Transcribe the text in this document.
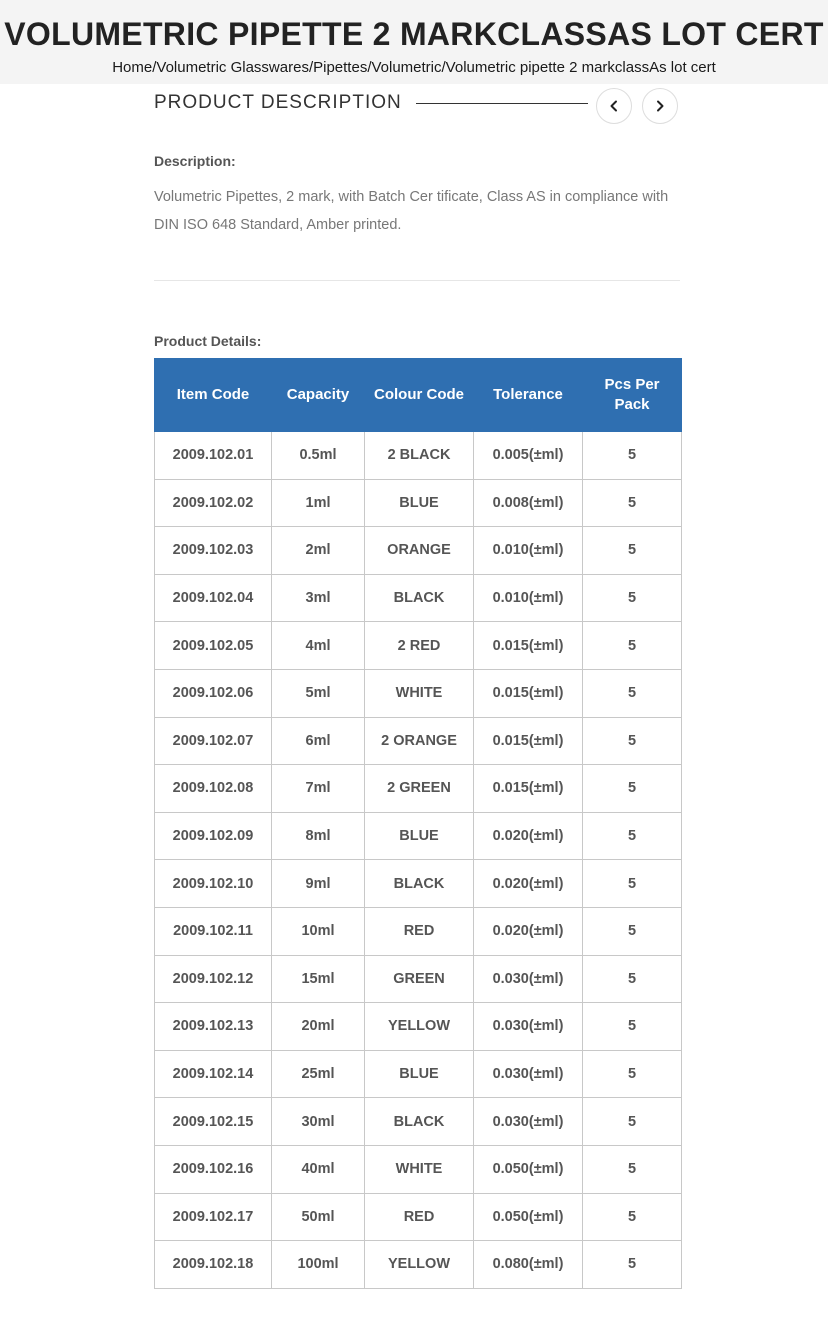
VOLUMETRIC PIPETTE 2 MARKCLASSAS LOT CERT
Home/Volumetric Glasswares/Pipettes/Volumetric/Volumetric pipette 2 markclassAs lot cert
PRODUCT DESCRIPTION
Description:

Volumetric Pipettes, 2 mark, with Batch Cer tificate, Class AS in compliance with DIN ISO 648 Standard, Amber printed.

Product Details:
Item Code	Capacity	Colour Code	Tolerance	Pcs Per Pack
2009.102.01	0.5ml	2 BLACK	0.005(±ml)	5
2009.102.02	1ml	BLUE	0.008(±ml)	5
2009.102.03	2ml	ORANGE	0.010(±ml)	5
2009.102.04	3ml	BLACK	0.010(±ml)	5
2009.102.05	4ml	2 RED	0.015(±ml)	5
2009.102.06	5ml	WHITE	0.015(±ml)	5
2009.102.07	6ml	2 ORANGE	0.015(±ml)	5
2009.102.08	7ml	2 GREEN	0.015(±ml)	5
2009.102.09	8ml	BLUE	0.020(±ml)	5
2009.102.10	9ml	BLACK	0.020(±ml)	5
2009.102.11	10ml	RED	0.020(±ml)	5
2009.102.12	15ml	GREEN	0.030(±ml)	5
2009.102.13	20ml	YELLOW	0.030(±ml)	5
2009.102.14	25ml	BLUE	0.030(±ml)	5
2009.102.15	30ml	BLACK	0.030(±ml)	5
2009.102.16	40ml	WHITE	0.050(±ml)	5
2009.102.17	50ml	RED	0.050(±ml)	5
2009.102.18	100ml	YELLOW	0.080(±ml)	5
